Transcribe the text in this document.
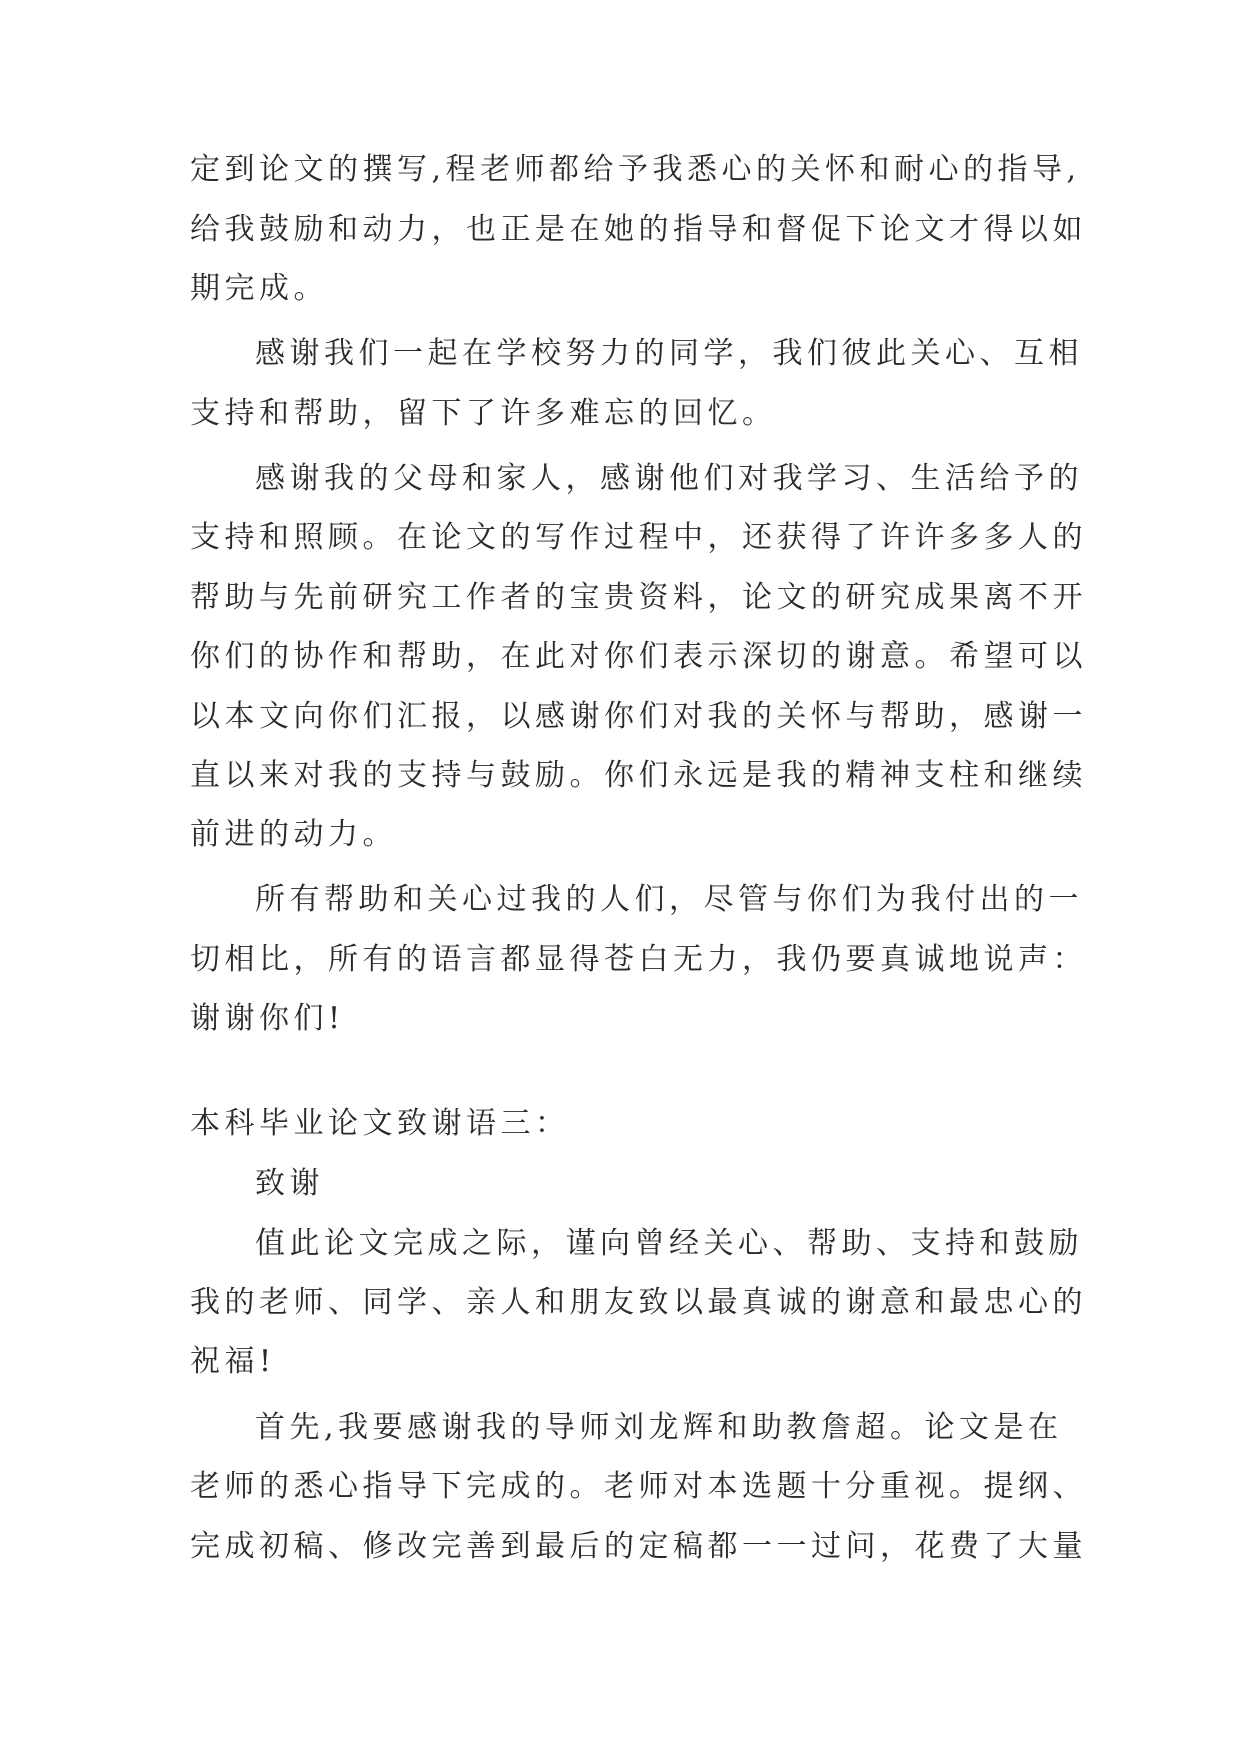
定到论文的撰写,程老师都给予我悉心的关怀和耐心的指导,
给我鼓励和动力，也正是在她的指导和督促下论文才得以如
期完成。
感谢我们一起在学校努力的同学，我们彼此关心、互相
支持和帮助，留下了许多难忘的回忆。
感谢我的父母和家人，感谢他们对我学习、生活给予的
支持和照顾。在论文的写作过程中，还获得了许许多多人的
帮助与先前研究工作者的宝贵资料，论文的研究成果离不开
你们的协作和帮助，在此对你们表示深切的谢意。希望可以
以本文向你们汇报，以感谢你们对我的关怀与帮助，感谢一
直以来对我的支持与鼓励。你们永远是我的精神支柱和继续
前进的动力。
所有帮助和关心过我的人们，尽管与你们为我付出的一
切相比，所有的语言都显得苍白无力，我仍要真诚地说声：
谢谢你们!
本科毕业论文致谢语三：
致谢
值此论文完成之际，谨向曾经关心、帮助、支持和鼓励
我的老师、同学、亲人和朋友致以最真诚的谢意和最忠心的
祝福!
首先,我要感谢我的导师刘龙辉和助教詹超。论文是在
老师的悉心指导下完成的。老师对本选题十分重视。提纲、
完成初稿、修改完善到最后的定稿都一一过问，花费了大量
